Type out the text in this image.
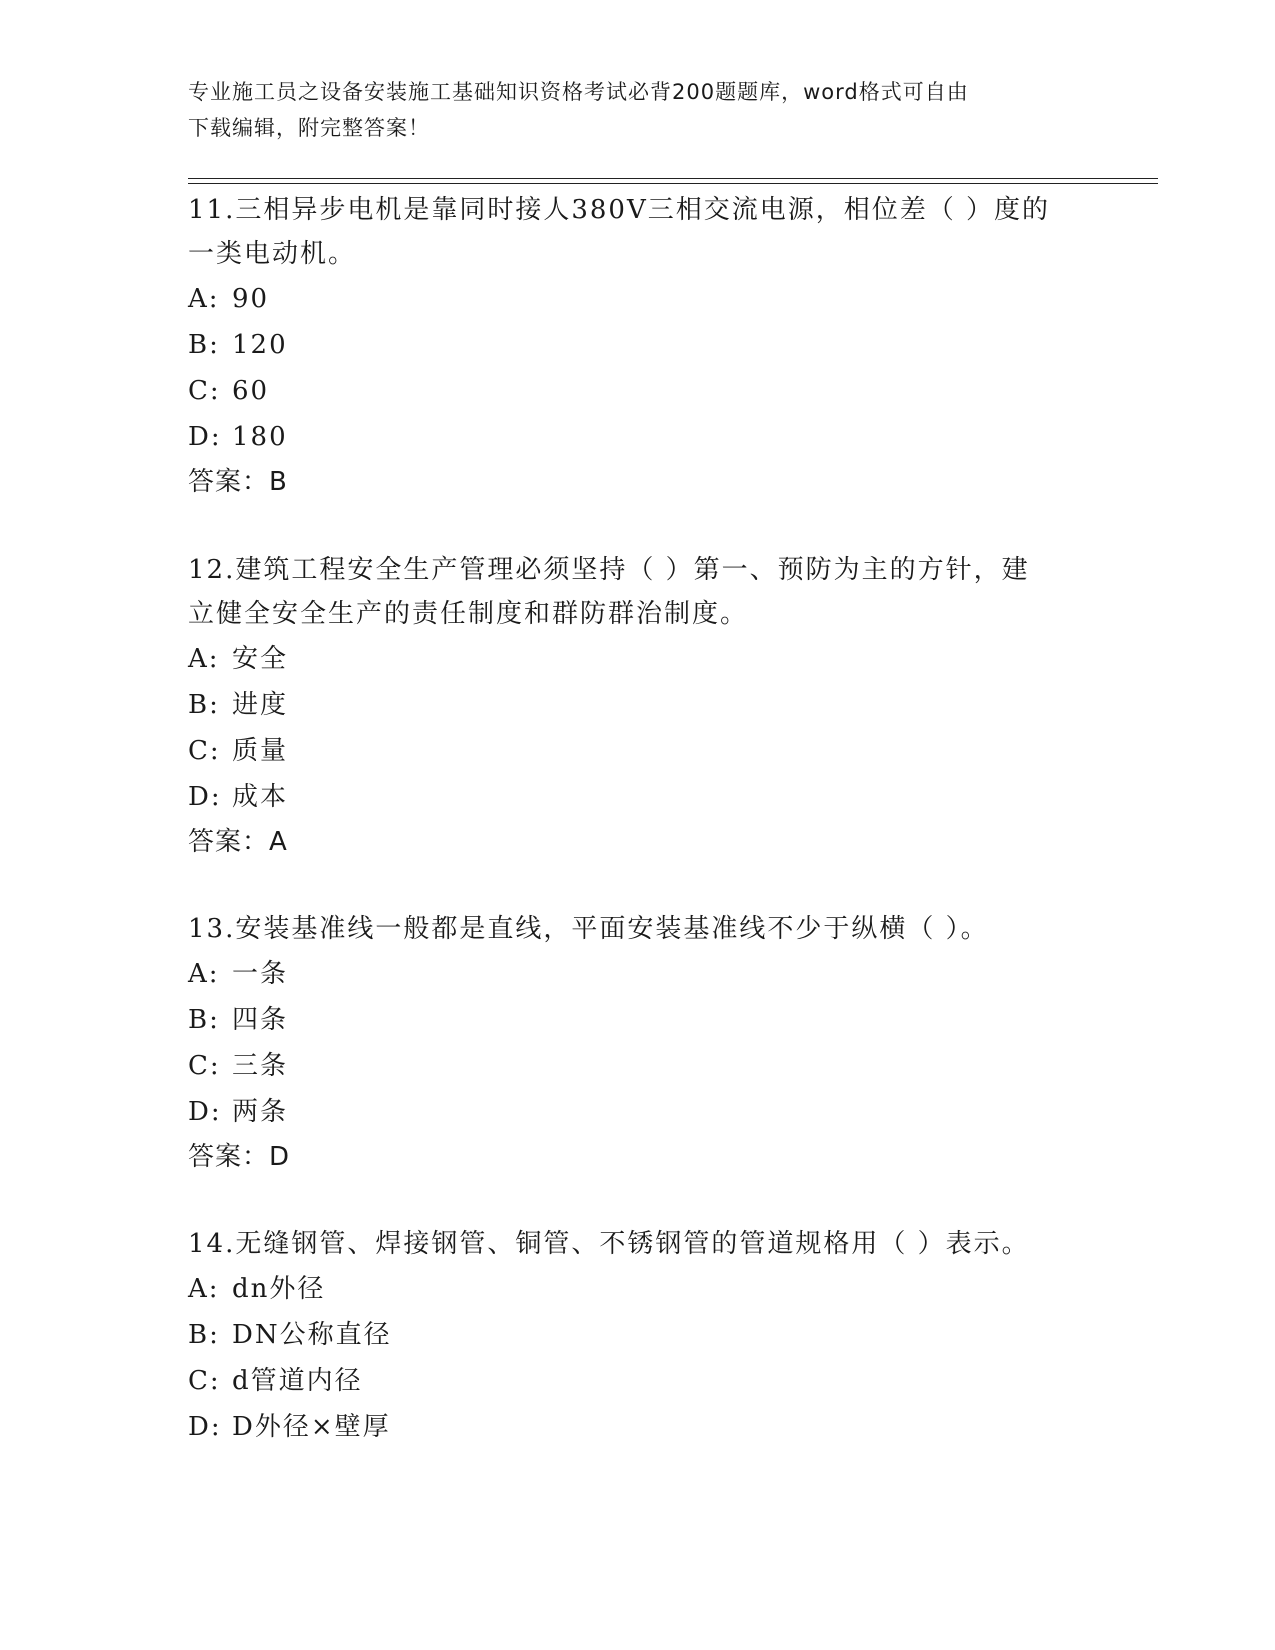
专业施工员之设备安装施工基础知识资格考试必背200题题库，word格式可自由
下载编辑，附完整答案！

11.三相异步电机是靠同时接人380V三相交流电源，相位差（ ）度的

一类电动机。

A: 90

B: 120

C: 60

D: 180

答案：B

12.建筑工程安全生产管理必须坚持（ ）第一、预防为主的方针，建

立健全安全生产的责任制度和群防群治制度。

A: 安全

B: 进度

C: 质量

D: 成本

答案：A

13.安装基准线一般都是直线，平面安装基准线不少于纵横（ ）。

A: 一条

B: 四条

C: 三条

D: 两条

答案：D

14.无缝钢管、焊接钢管、铜管、不锈钢管的管道规格用（ ）表示。

A: dn外径

B: DN公称直径

C: d管道内径

D: D外径×壁厚
